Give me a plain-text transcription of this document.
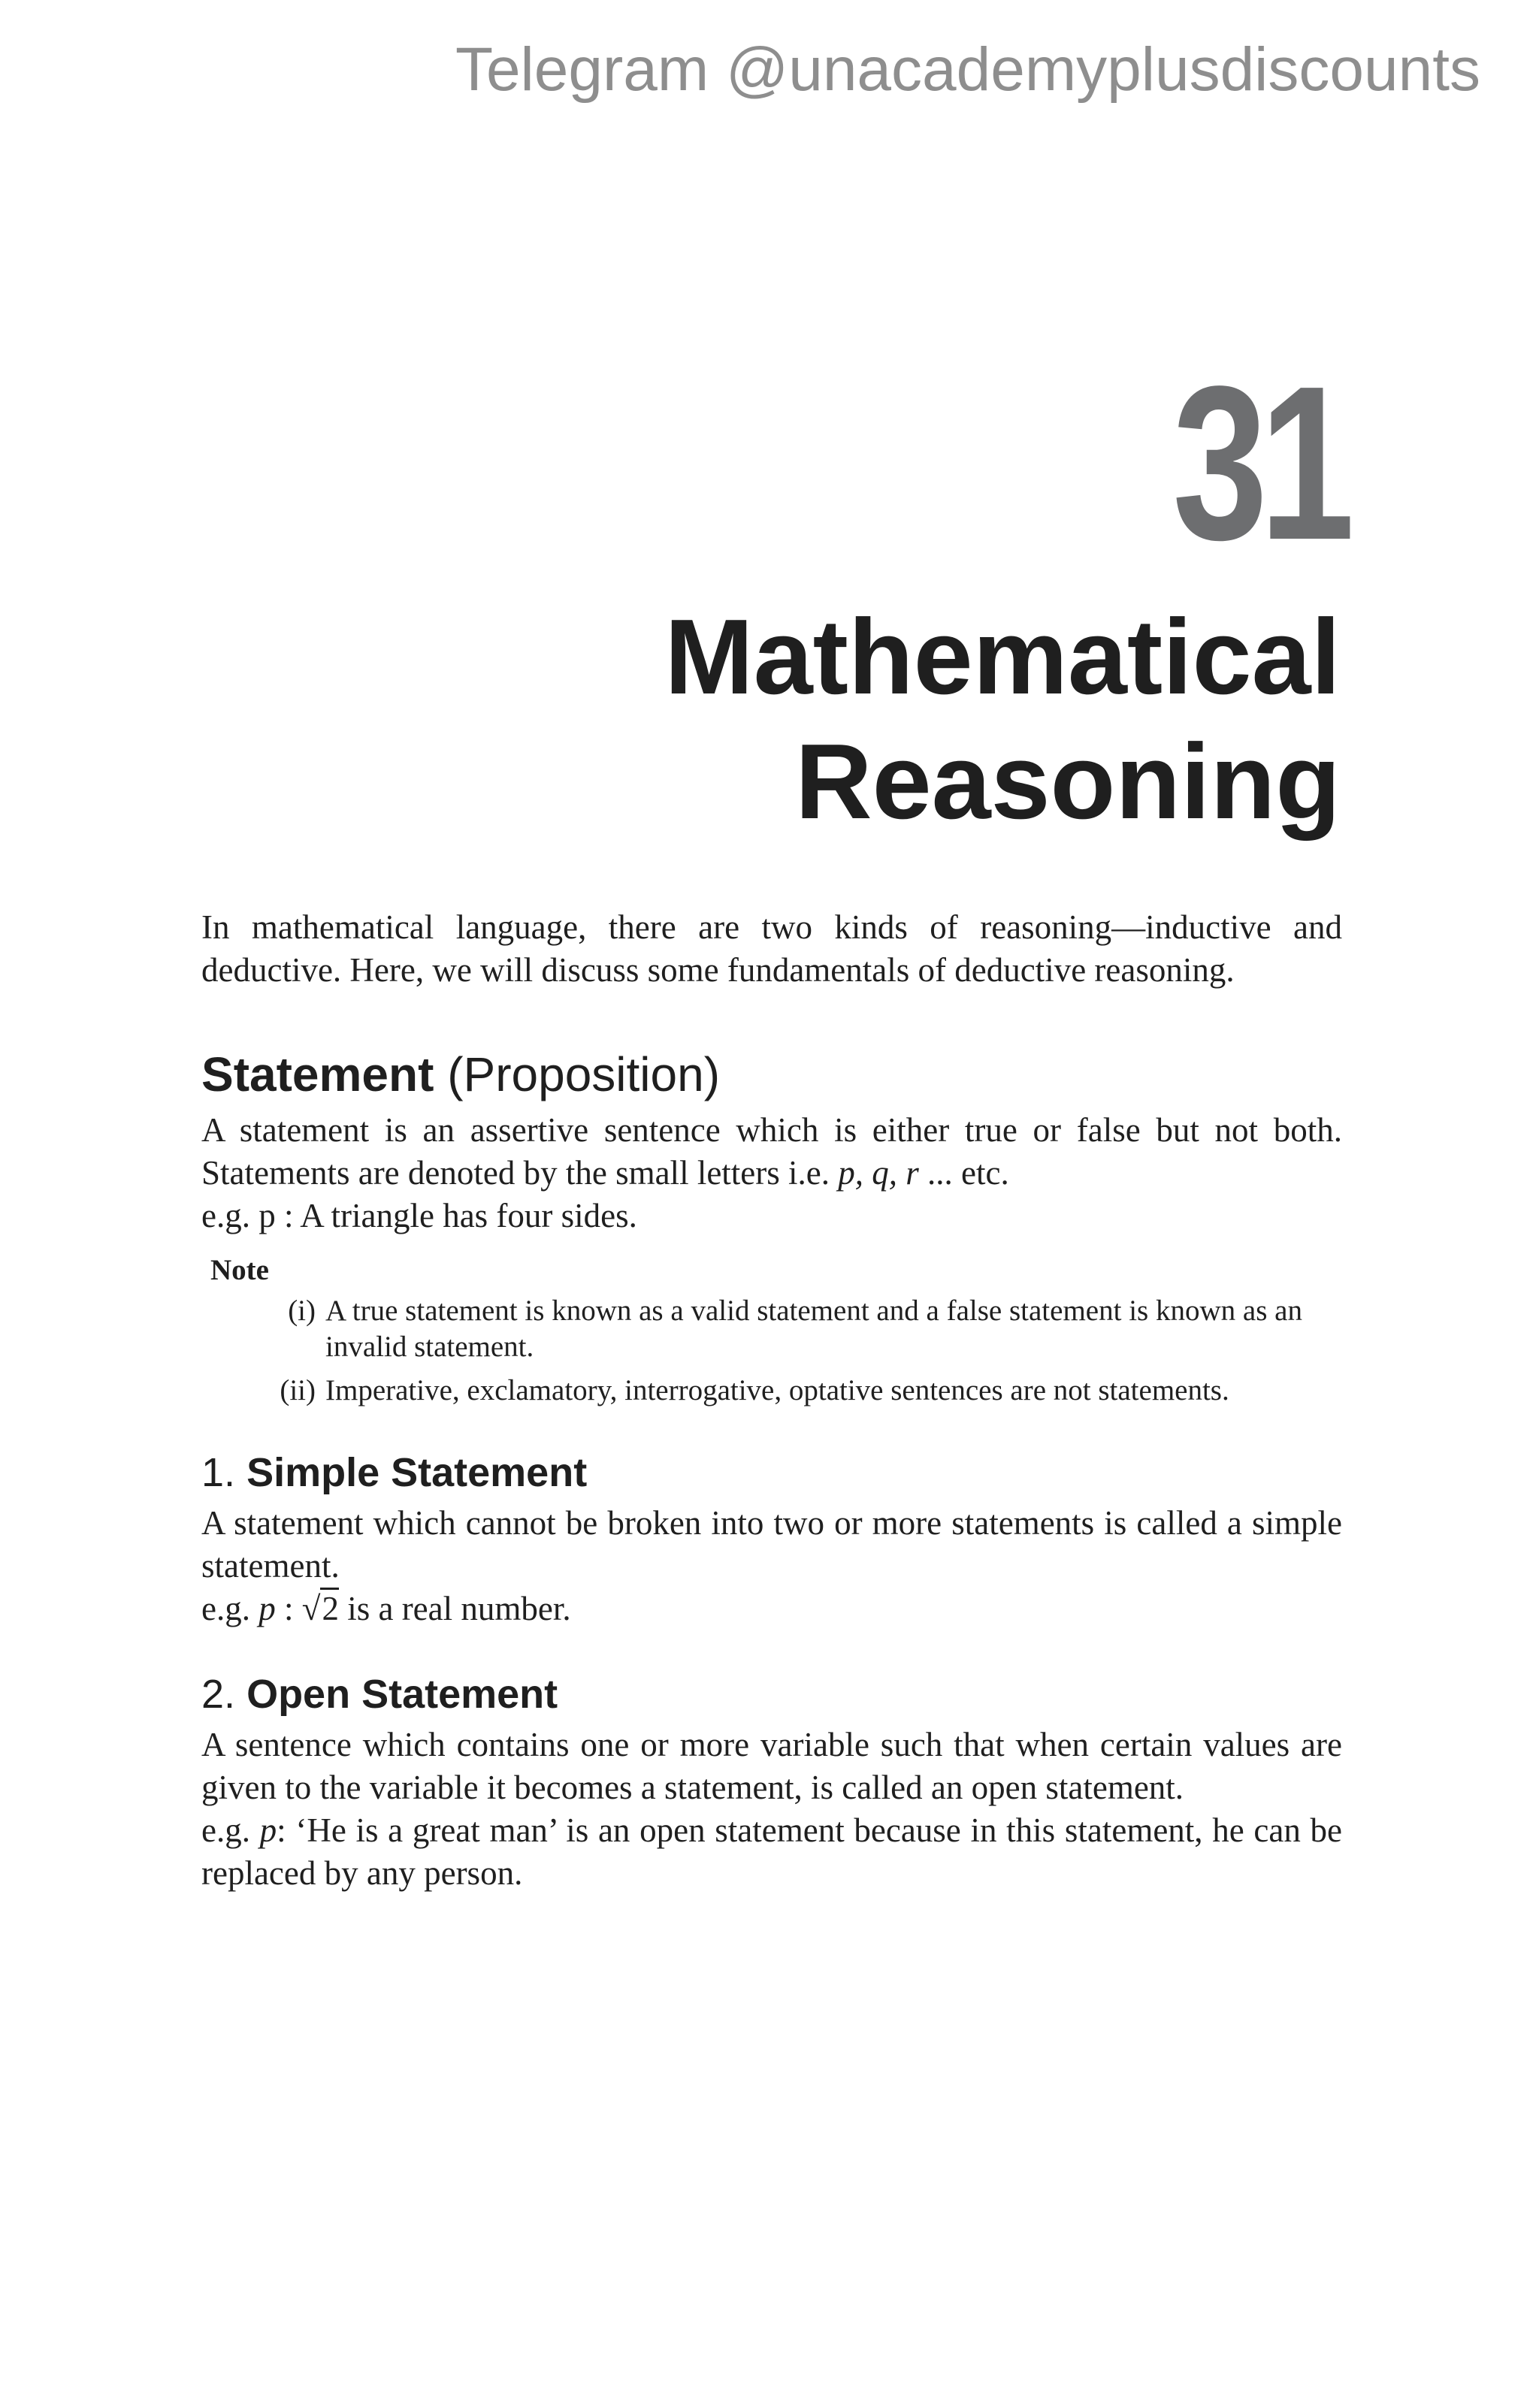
Telegram @unacademyplusdiscounts
31
Mathematical
Reasoning

In mathematical language, there are two kinds of reasoning—inductive and deductive. Here, we will discuss some fundamentals of deductive reasoning.

Statement (Proposition)

A statement is an assertive sentence which is either true or false but not both. Statements are denoted by the small letters i.e. p, q, r ... etc.

e.g. p : A triangle has four sides.

Note
(i) A true statement is known as a valid statement and a false statement is known as an invalid statement.
(ii) Imperative, exclamatory, interrogative, optative sentences are not statements.
1. Simple Statement

A statement which cannot be broken into two or more statements is called a simple statement.

e.g. p : √2 is a real number.

2. Open Statement

A sentence which contains one or more variable such that when certain values are given to the variable it becomes a statement, is called an open statement.

e.g. p: ‘He is a great man’ is an open statement because in this statement, he can be replaced by any person.
